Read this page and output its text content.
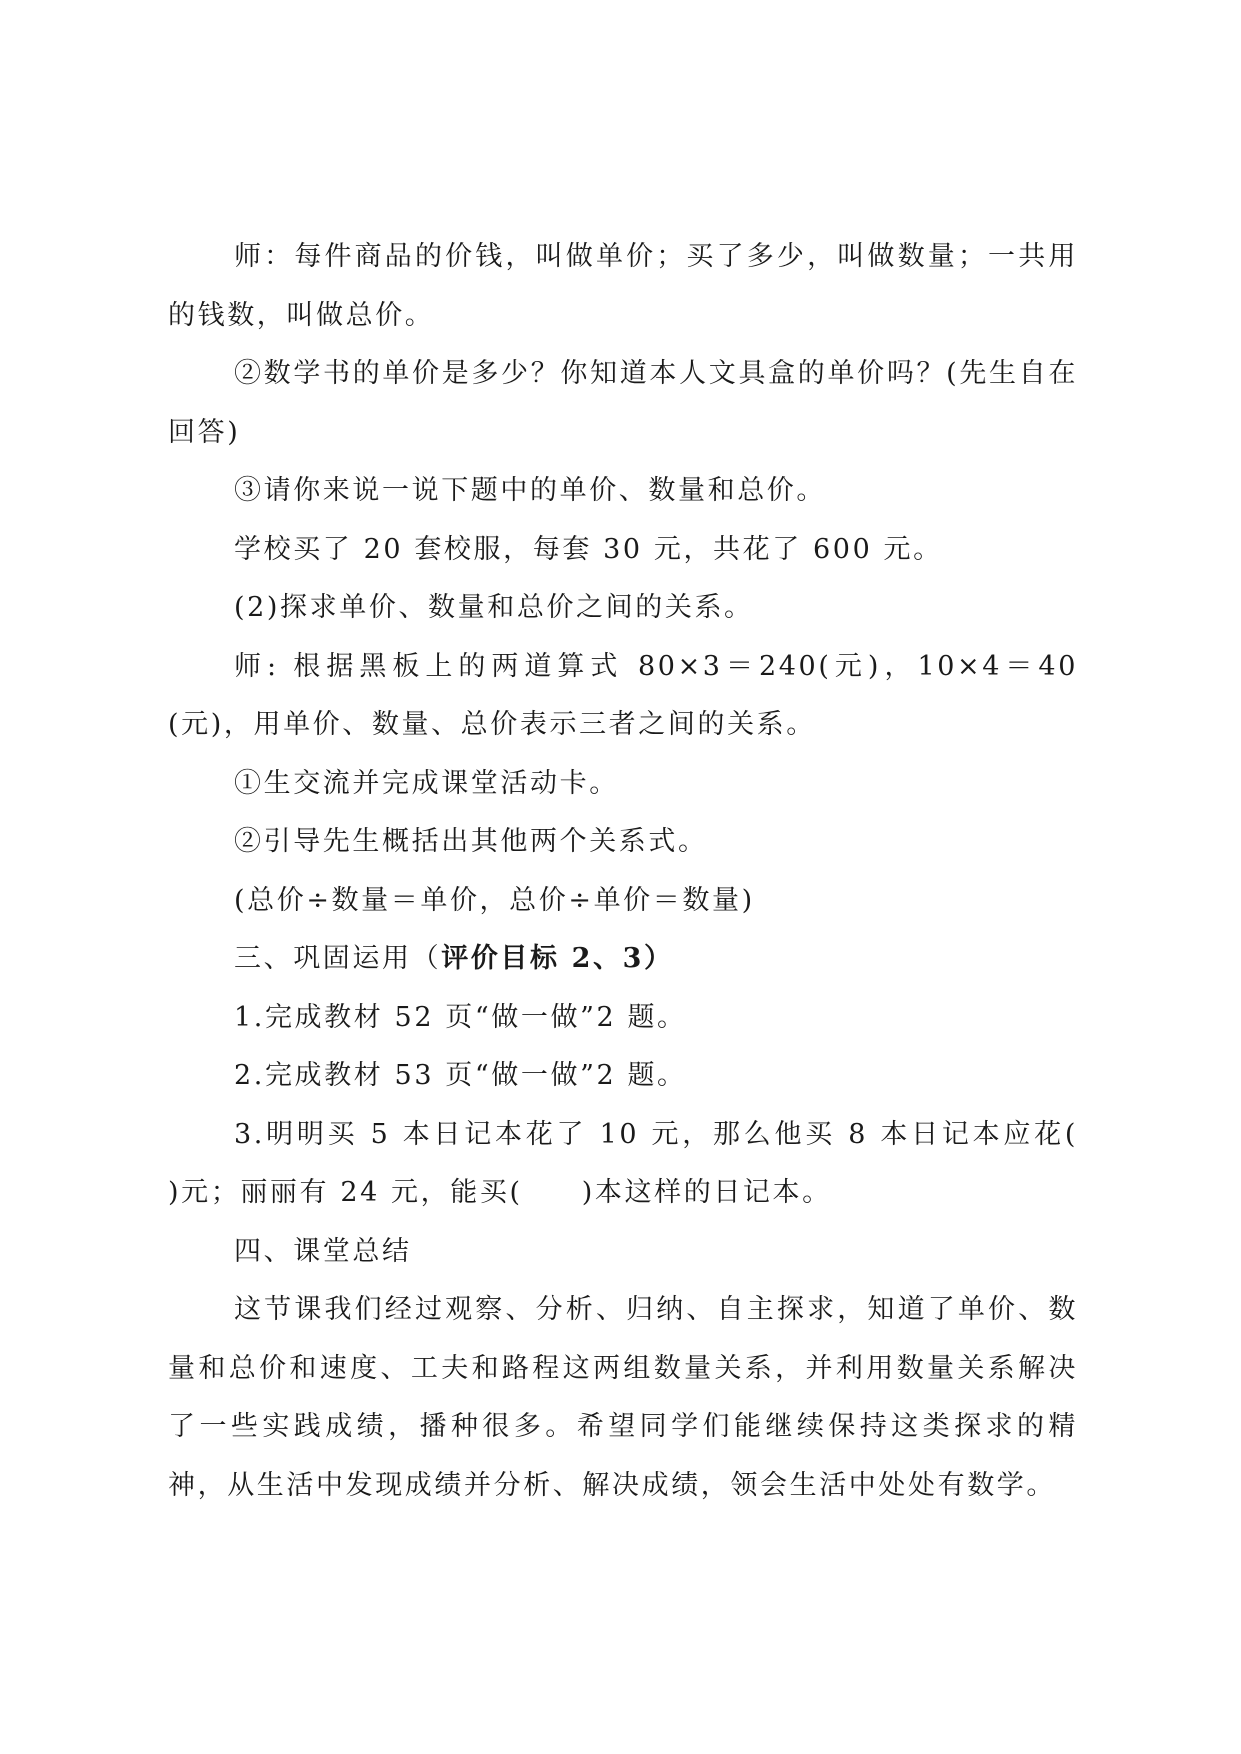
师：每件商品的价钱，叫做单价；买了多少，叫做数量；一共用的钱数，叫做总价。

②数学书的单价是多少？你知道本人文具盒的单价吗？(先生自在回答)

③请你来说一说下题中的单价、数量和总价。

学校买了 20 套校服，每套 30 元，共花了 600 元。

(2)探求单价、数量和总价之间的关系。

师: 根据黑板上的两道算式 80×3＝240(元)，10×4＝40(元)，用单价、数量、总价表示三者之间的关系。

①生交流并完成课堂活动卡。

②引导先生概括出其他两个关系式。

(总价÷数量＝单价，总价÷单价＝数量)

三、巩固运用（评价目标 2、3）

1.完成教材 52 页“做一做”2 题。

2.完成教材 53 页“做一做”2 题。

3.明明买 5 本日记本花了 10 元，那么他买 8 本日记本应花(　　)元；丽丽有 24 元，能买(　　)本这样的日记本。

四、课堂总结

这节课我们经过观察、分析、归纳、自主探求，知道了单价、数量和总价和速度、工夫和路程这两组数量关系，并利用数量关系解决了一些实践成绩，播种很多。希望同学们能继续保持这类探求的精神，从生活中发现成绩并分析、解决成绩，领会生活中处处有数学。
